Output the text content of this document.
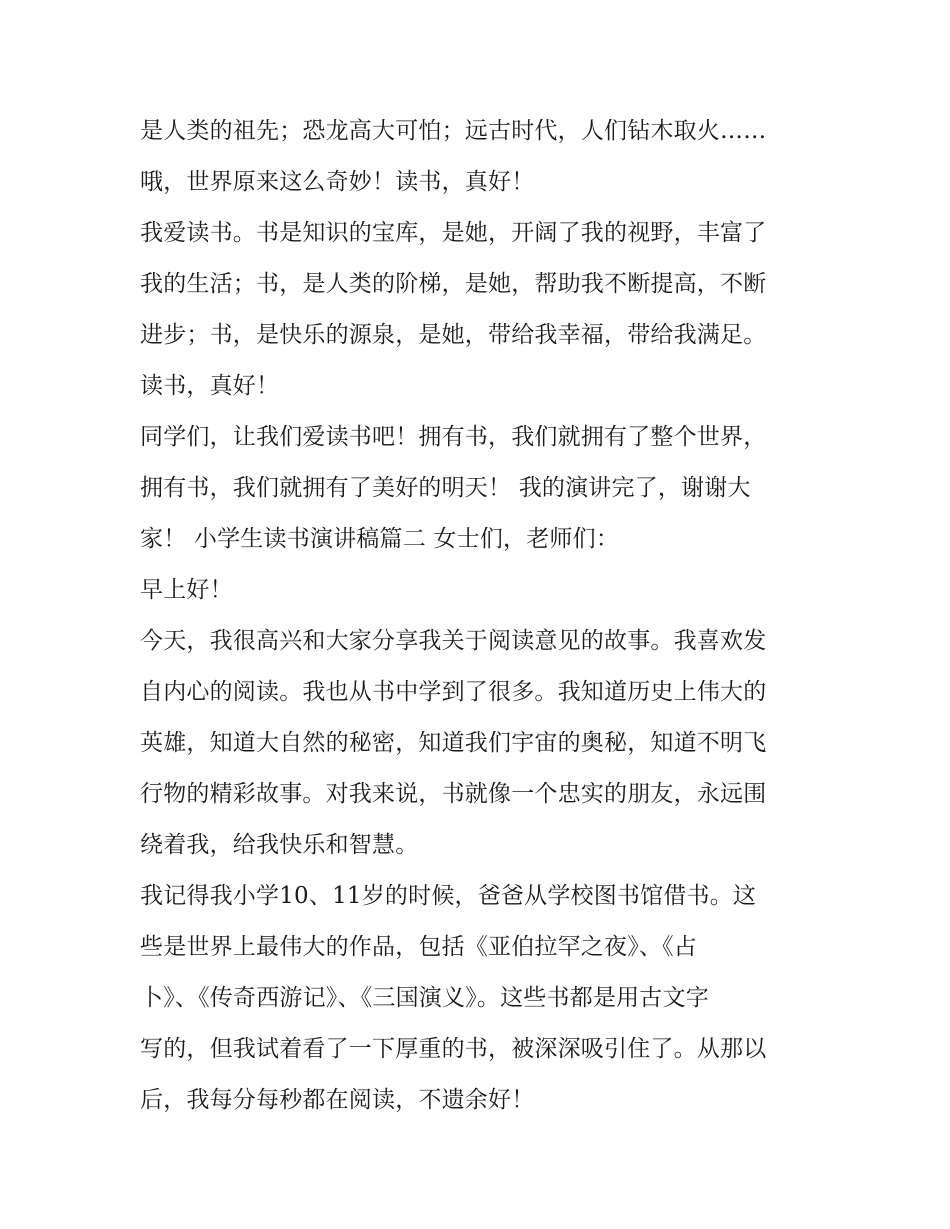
是人类的祖先；恐龙高大可怕；远古时代，人们钻木取火……
哦，世界原来这么奇妙！读书，真好！
我爱读书。书是知识的宝库，是她，开阔了我的视野，丰富了
我的生活；书，是人类的阶梯，是她，帮助我不断提高，不断
进步；书，是快乐的源泉，是她，带给我幸福，带给我满足。
读书，真好！
同学们，让我们爱读书吧！拥有书，我们就拥有了整个世界，
拥有书，我们就拥有了美好的明天！ 我的演讲完了，谢谢大
家！ 小学生读书演讲稿篇二 女士们，老师们：
早上好！
今天，我很高兴和大家分享我关于阅读意见的故事。我喜欢发
自内心的阅读。我也从书中学到了很多。我知道历史上伟大的
英雄，知道大自然的秘密，知道我们宇宙的奥秘，知道不明飞
行物的精彩故事。对我来说，书就像一个忠实的朋友，永远围
绕着我，给我快乐和智慧。
我记得我小学10、11岁的时候，爸爸从学校图书馆借书。这
些是世界上最伟大的作品，包括《亚伯拉罕之夜》、《占
卜》、《传奇西游记》、《三国演义》。这些书都是用古文字
写的，但我试着看了一下厚重的书，被深深吸引住了。从那以
后，我每分每秒都在阅读，不遗余好！
